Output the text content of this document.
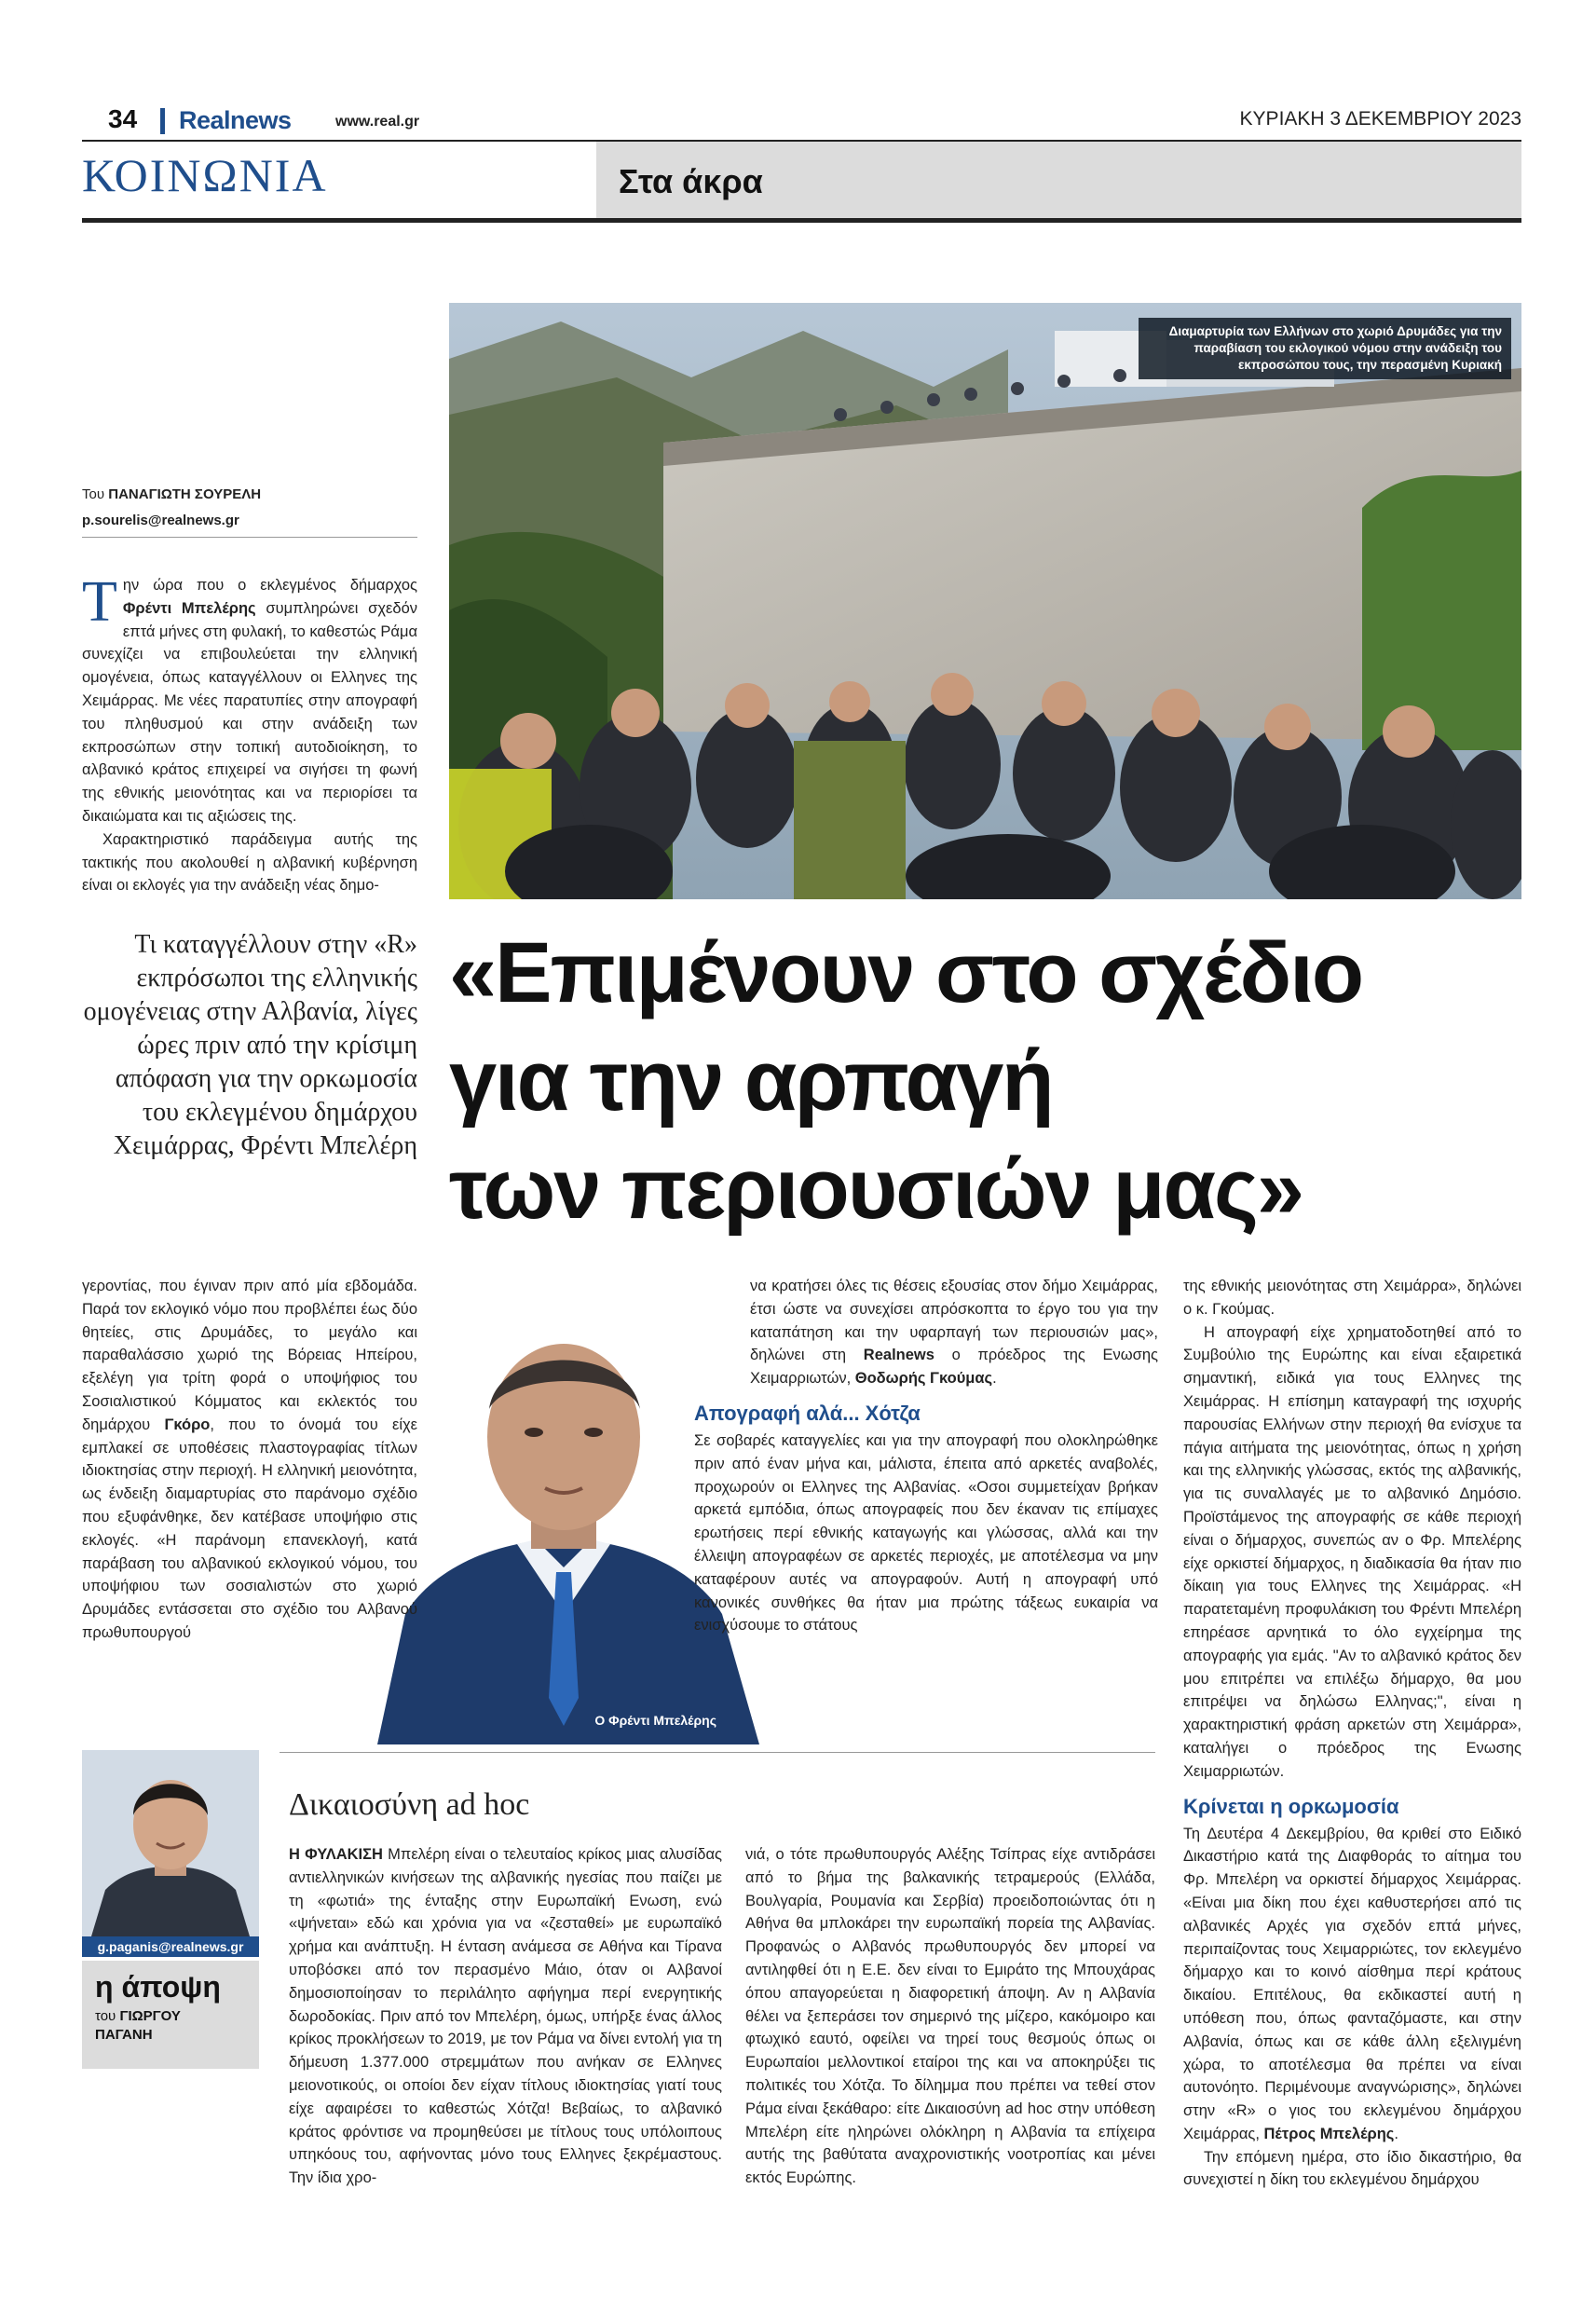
34 Realnews	www.real.gr	ΚΥΡΙΑΚΗ 3 ΔΕΚΕΜΒΡΙΟΥ 2023
ΚΟΙΝΩΝΙΑ	Στα άκρα
Διαμαρτυρία των Ελλήνων στο χωριό Δρυμάδες για την παραβίαση του εκλογικού νόμου στην ανάδειξη του εκπροσώπου τους, την περασμένη Κυριακή
Του ΠΑΝΑΓΙΩΤΗ ΣΟΥΡΕΛΗ
p.sourelis@realnews.gr

Την ώρα που ο εκλεγμένος δήμαρχος Φρέντι Μπελέρης συμπληρώνει σχεδόν επτά μήνες στη φυλακή, το καθεστώς Ράμα συνεχίζει να επιβουλεύεται την ελληνική ομογένεια, όπως καταγγέλλουν οι Ελληνες της Χειμάρρας. Με νέες παρατυπίες στην απογραφή του πληθυσμού και στην ανάδειξη των εκπροσώπων στην τοπική αυτοδιοίκηση, το αλβανικό κράτος επιχειρεί να σιγήσει τη φωνή της εθνικής μειονότητας και να περιορίσει τα δικαιώματα και τις αξιώσεις της.

Χαρακτηριστικό παράδειγμα αυτής της τακτικής που ακολουθεί η αλβανική κυβέρνηση είναι οι εκλογές για την ανάδειξη νέας δημο-

Τι καταγγέλλουν στην «R» εκπρόσωποι της ελληνικής ομογένειας στην Αλβανία, λίγες ώρες πριν από την κρίσιμη απόφαση για την ορκωμοσία του εκλεγμένου δημάρχου Χειμάρρας, Φρέντι Μπελέρη
«Επιμένουν στο σχέδιο
για την αρπαγή
των περιουσιών μας»
Ο Φρέντι Μπελέρης

γεροντίας, που έγιναν πριν από μία εβδομάδα. Παρά τον εκλογικό νόμο που προβλέπει έως δύο θητείες, στις Δρυμάδες, το μεγάλο και παραθαλάσσιο χωριό της Βόρειας Ηπείρου, εξελέγη για τρίτη φορά ο υποψήφιος του Σοσιαλιστικού Κόμματος και εκλεκτός του δημάρχου Γκόρο, που το όνομά του είχε εμπλακεί σε υποθέσεις πλαστογραφίας τίτλων ιδιοκτησίας στην περιοχή. Η ελληνική μειονότητα, ως ένδειξη διαμαρτυρίας στο παράνομο σχέδιο που εξυφάνθηκε, δεν κατέβασε υποψήφιο στις εκλογές. «Η παράνομη επανεκλογή, κατά παράβαση του αλβανικού εκλογικού νόμου, του υποψήφιου των σοσιαλιστών στο χωριό Δρυμάδες εντάσσεται στο σχέδιο του Αλβανού πρωθυπουργού

να κρατήσει όλες τις θέσεις εξουσίας στον δήμο Χειμάρρας, έτσι ώστε να συνεχίσει απρόσκοπτα το έργο του για την καταπάτηση και την υφαρπαγή των περιουσιών μας», δηλώνει στη Realnews ο πρόεδρος της Ενωσης Χειμαρριωτών, Θοδωρής Γκούμας.

Απογραφή αλά... Χότζα

Σε σοβαρές καταγγελίες και για την απογραφή που ολοκληρώθηκε πριν από έναν μήνα και, μάλιστα, έπειτα από αρκετές αναβολές, προχωρούν οι Ελληνες της Αλβανίας. «Οσοι συμμετείχαν βρήκαν αρκετά εμπόδια, όπως απογραφείς που δεν έκαναν τις επίμαχες ερωτήσεις περί εθνικής καταγωγής και γλώσσας, αλλά και την έλλειψη απογραφέων σε αρκετές περιοχές, με αποτέλεσμα να μην καταφέρουν αυτές να απογραφούν. Αυτή η απογραφή υπό κανονικές συνθήκες θα ήταν μια πρώτης τάξεως ευκαιρία να ενισχύσουμε το στάτους

της εθνικής μειονότητας στη Χειμάρρα», δηλώνει ο κ. Γκούμας.

Η απογραφή είχε χρηματοδοτηθεί από το Συμβούλιο της Ευρώπης και είναι εξαιρετικά σημαντική, ειδικά για τους Ελληνες της Χειμάρρας. Η επίσημη καταγραφή της ισχυρής παρουσίας Ελλήνων στην περιοχή θα ενίσχυε τα πάγια αιτήματα της μειονότητας, όπως η χρήση και της ελληνικής γλώσσας, εκτός της αλβανικής, για τις συναλλαγές με το αλβανικό Δημόσιο. Προϊστάμενος της απογραφής σε κάθε περιοχή είναι ο δήμαρχος, συνεπώς αν ο Φρ. Μπελέρης είχε ορκιστεί δήμαρχος, η διαδικασία θα ήταν πιο δίκαιη για τους Ελληνες της Χειμάρρας. «Η παρατεταμένη προφυλάκιση του Φρέντι Μπελέρη επηρέασε αρνητικά το όλο εγχείρημα της απογραφής για εμάς. "Αν το αλβανικό κράτος δεν μου επιτρέπει να επιλέξω δήμαρχο, θα μου επιτρέψει να δηλώσω Ελληνας;", είναι η χαρακτηριστική φράση αρκετών στη Χειμάρρα», καταλήγει ο πρόεδρος της Ενωσης Χειμαρριωτών.

Κρίνεται η ορκωμοσία

Τη Δευτέρα 4 Δεκεμβρίου, θα κριθεί στο Ειδικό Δικαστήριο κατά της Διαφθοράς το αίτημα του Φρ. Μπελέρη να ορκιστεί δήμαρχος Χειμάρρας. «Είναι μια δίκη που έχει καθυστερήσει από τις αλβανικές Αρχές για σχεδόν επτά μήνες, περιπαίζοντας τους Χειμαρριώτες, τον εκλεγμένο δήμαρχο και το κοινό αίσθημα περί κράτους δικαίου. Επιτέλους, θα εκδικαστεί αυτή η υπόθεση που, όπως φανταζόμαστε, και στην Αλβανία, όπως και σε κάθε άλλη εξελιγμένη χώρα, το αποτέλεσμα θα πρέπει να είναι αυτονόητο. Περιμένουμε αναγνώρισης», δηλώνει στην «R» ο γιος του εκλεγμένου δημάρχου Χειμάρρας, Πέτρος Μπελέρης.

Την επόμενη ημέρα, στο ίδιο δικαστήριο, θα συνεχιστεί η δίκη του εκλεγμένου δημάρχου

g.paganis@realnews.gr
η άποψη
του ΓΙΩΡΓΟΥ
ΠΑΓΑΝΗ
Δικαιοσύνη ad hoc

Η ΦΥΛΑΚΙΣΗ Μπελέρη είναι ο τελευταίος κρίκος μιας αλυσίδας αντιελληνικών κινήσεων της αλβανικής ηγεσίας που παίζει με τη «φωτιά» της ένταξης στην Ευρωπαϊκή Ενωση, ενώ «ψήνεται» εδώ και χρόνια για να «ζεσταθεί» με ευρωπαϊκό χρήμα και ανάπτυξη. Η ένταση ανάμεσα σε Αθήνα και Τίρανα υποβόσκει από τον περασμένο Μάιο, όταν οι Αλβανοί δημοσιοποίησαν το περιλάλητο αφήγημα περί ενεργητικής δωροδοκίας. Πριν από τον Μπελέρη, όμως, υπήρξε ένας άλλος κρίκος προκλήσεων το 2019, με τον Ράμα να δίνει εντολή για τη δήμευση 1.377.000 στρεμμάτων που ανήκαν σε Ελληνες μειονοτικούς, οι οποίοι δεν είχαν τίτλους ιδιοκτησίας γιατί τους είχε αφαιρέσει το καθεστώς Χότζα! Βεβαίως, το αλβανικό κράτος φρόντισε να προμηθεύσει με τίτλους τους υπόλοιπους υπηκόους του, αφήνοντας μόνο τους Ελληνες ξεκρέμαστους. Την ίδια χρο-

νιά, ο τότε πρωθυπουργός Αλέξης Τσίπρας είχε αντιδράσει από το βήμα της βαλκανικής τετραμερούς (Ελλάδα, Βουλγαρία, Ρουμανία και Σερβία) προειδοποιώντας ότι η Αθήνα θα μπλοκάρει την ευρωπαϊκή πορεία της Αλβανίας. Προφανώς ο Αλβανός πρωθυπουργός δεν μπορεί να αντιληφθεί ότι η Ε.Ε. δεν είναι το Εμιράτο της Μπουχάρας όπου απαγορεύεται η διαφορετική άποψη. Αν η Αλβανία θέλει να ξεπεράσει τον σημερινό της μίζερο, κακόμοιρο και φτωχικό εαυτό, οφείλει να τηρεί τους θεσμούς όπως οι Ευρωπαίοι μελλοντικοί εταίροι της και να αποκηρύξει τις πολιτικές του Χότζα. Το δίλημμα που πρέπει να τεθεί στον Ράμα είναι ξεκάθαρο: είτε Δικαιοσύνη ad hoc στην υπόθεση Μπελέρη είτε ηληρώνει ολόκληρη η Αλβανία τα επίχειρα αυτής της βαθύτατα αναχρονιστικής νοοτροπίας και μένει εκτός Ευρώπης.
